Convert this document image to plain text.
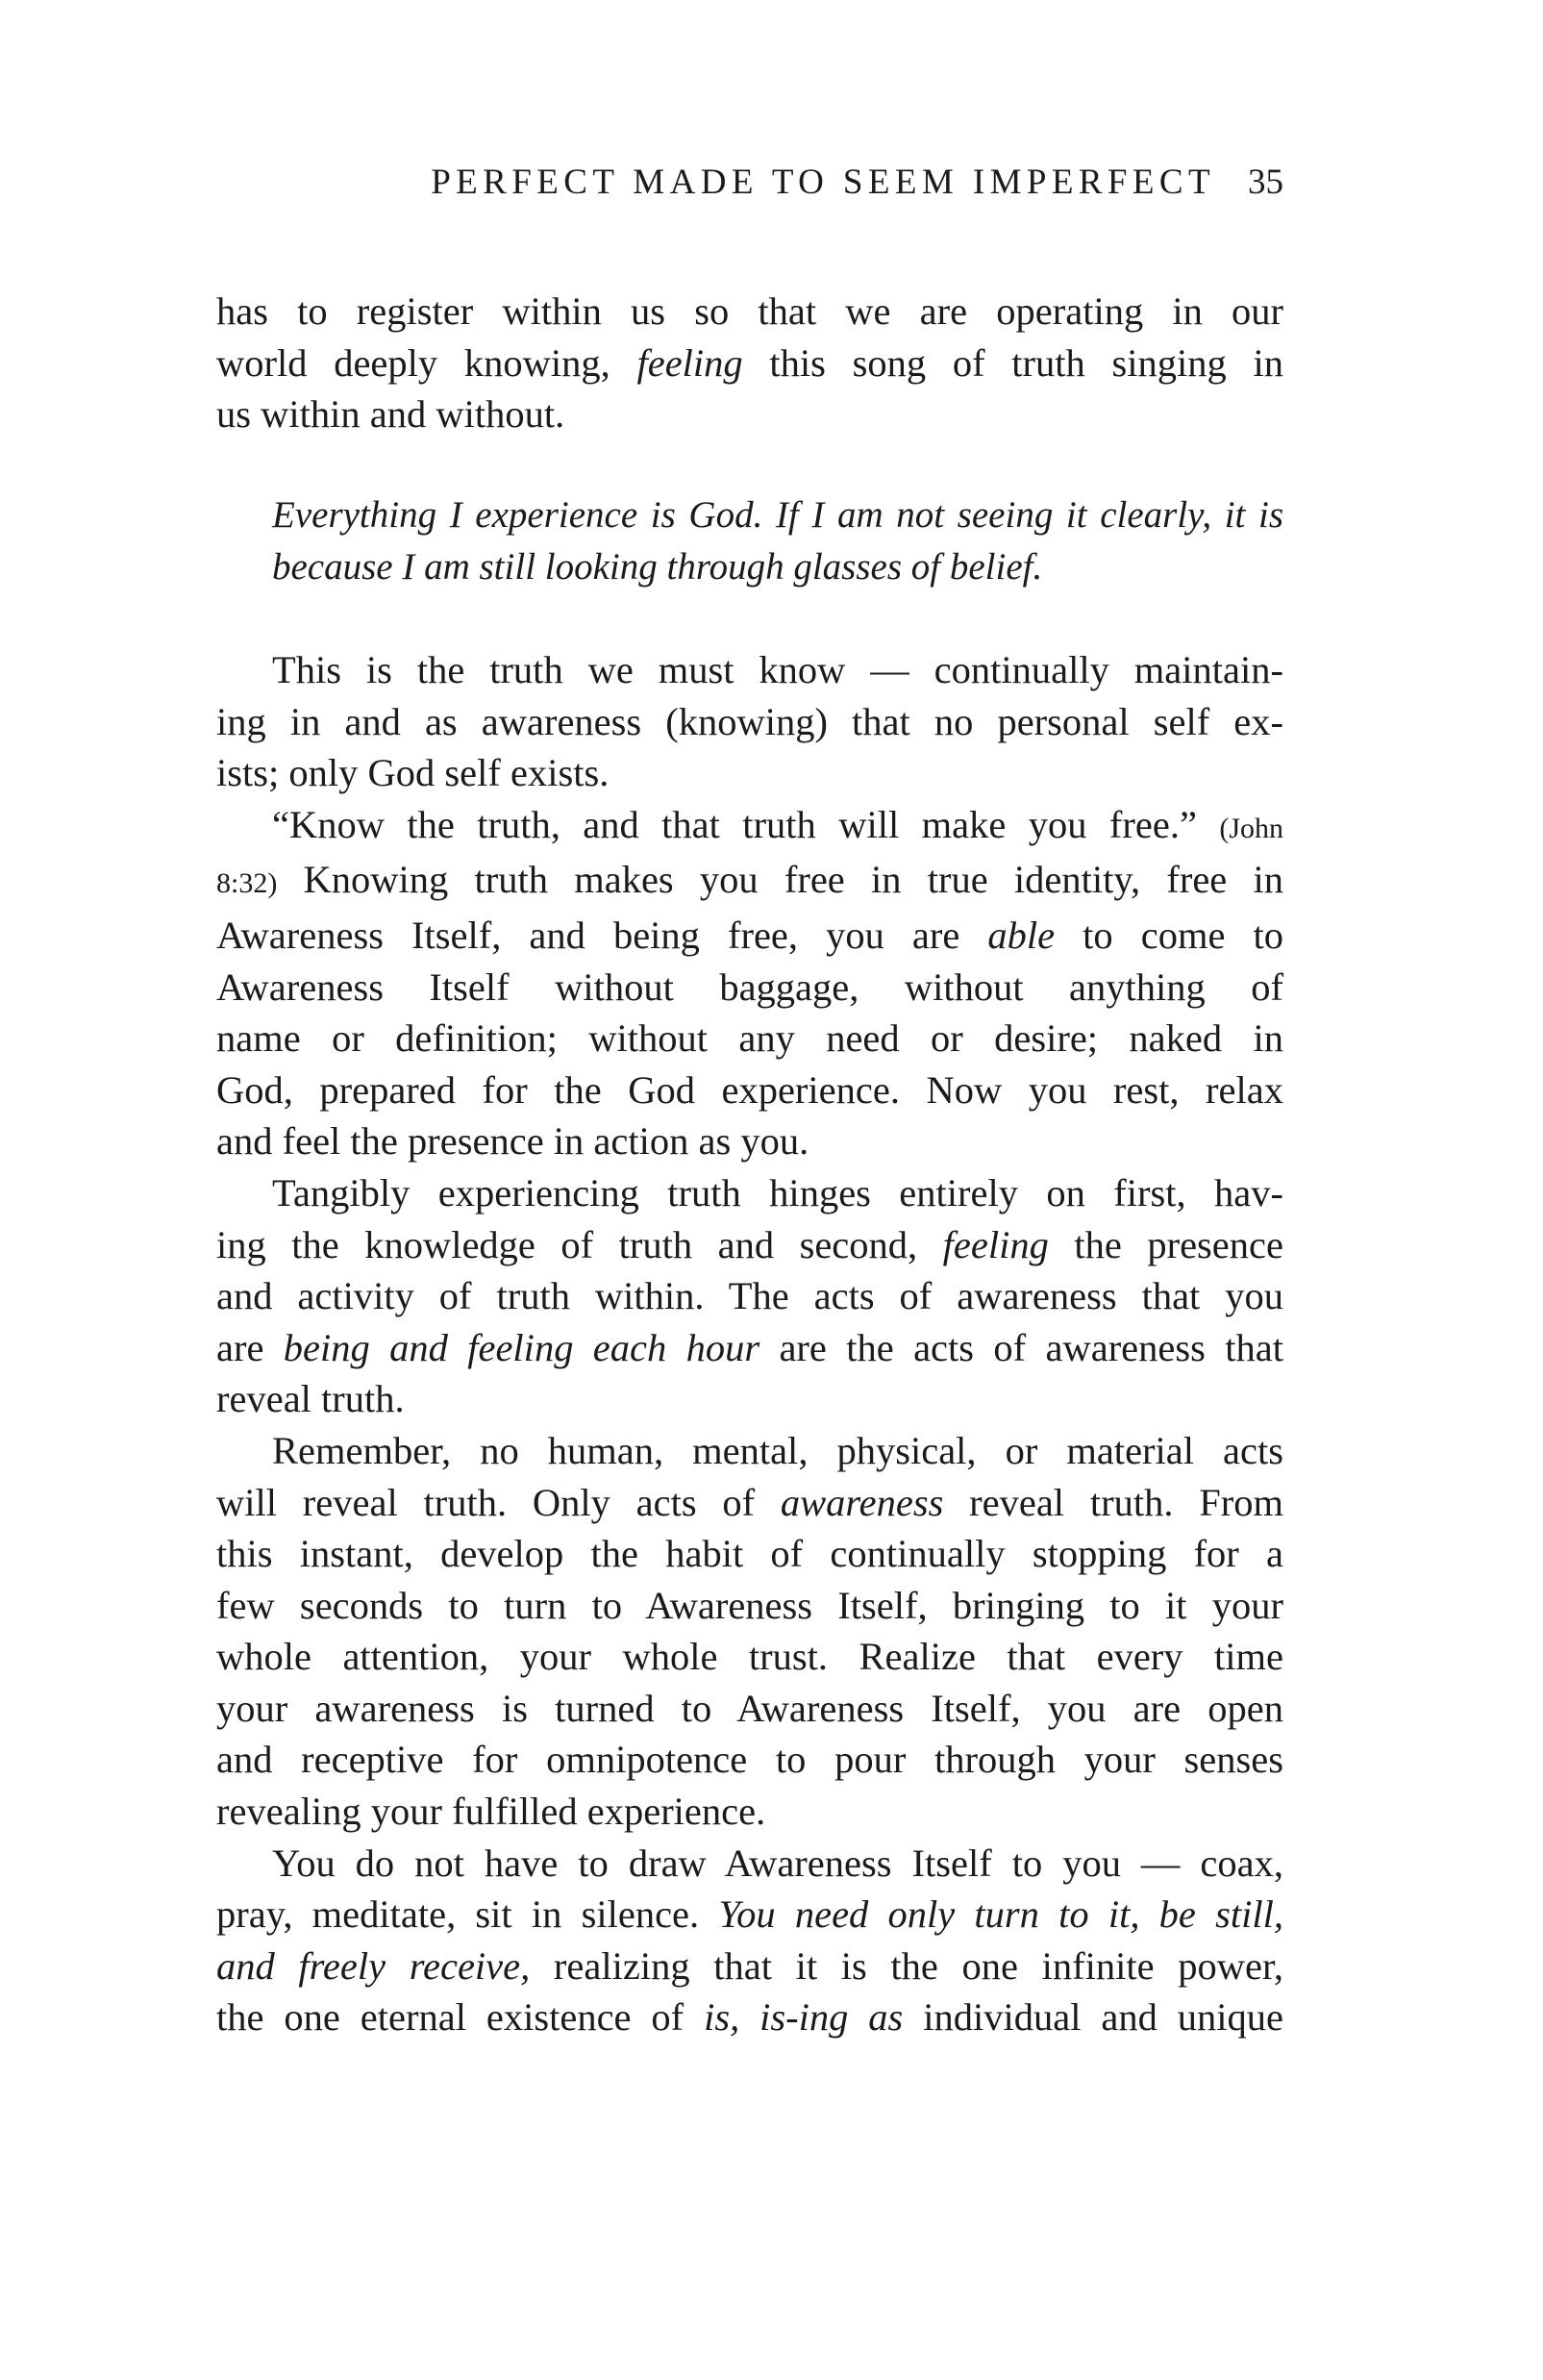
PERFECT MADE TO SEEM IMPERFECT 35

has to register within us so that we are operating in our

world deeply knowing, feeling this song of truth singing in

us within and without.

Everything I experience is God. If I am not seeing it clearly, it is

because I am still looking through glasses of belief.

This is the truth we must know — continually maintain-

ing in and as awareness (knowing) that no personal self ex-

ists; only God self exists.

“Know the truth, and that truth will make you free.” (John

8:32) Knowing truth makes you free in true identity, free in

Awareness Itself, and being free, you are able to come to

Awareness Itself without baggage, without anything of

name or definition; without any need or desire; naked in

God, prepared for the God experience. Now you rest, relax

and feel the presence in action as you.

Tangibly experiencing truth hinges entirely on first, hav-

ing the knowledge of truth and second, feeling the presence

and activity of truth within. The acts of awareness that you

are being and feeling each hour are the acts of awareness that

reveal truth.

Remember, no human, mental, physical, or material acts

will reveal truth. Only acts of awareness reveal truth. From

this instant, develop the habit of continually stopping for a

few seconds to turn to Awareness Itself, bringing to it your

whole attention, your whole trust. Realize that every time

your awareness is turned to Awareness Itself, you are open

and receptive for omnipotence to pour through your senses

revealing your fulfilled experience.

You do not have to draw Awareness Itself to you — coax,

pray, meditate, sit in silence. You need only turn to it, be still,

and freely receive, realizing that it is the one infinite power,

the one eternal existence of is, is-ing as individual and unique
